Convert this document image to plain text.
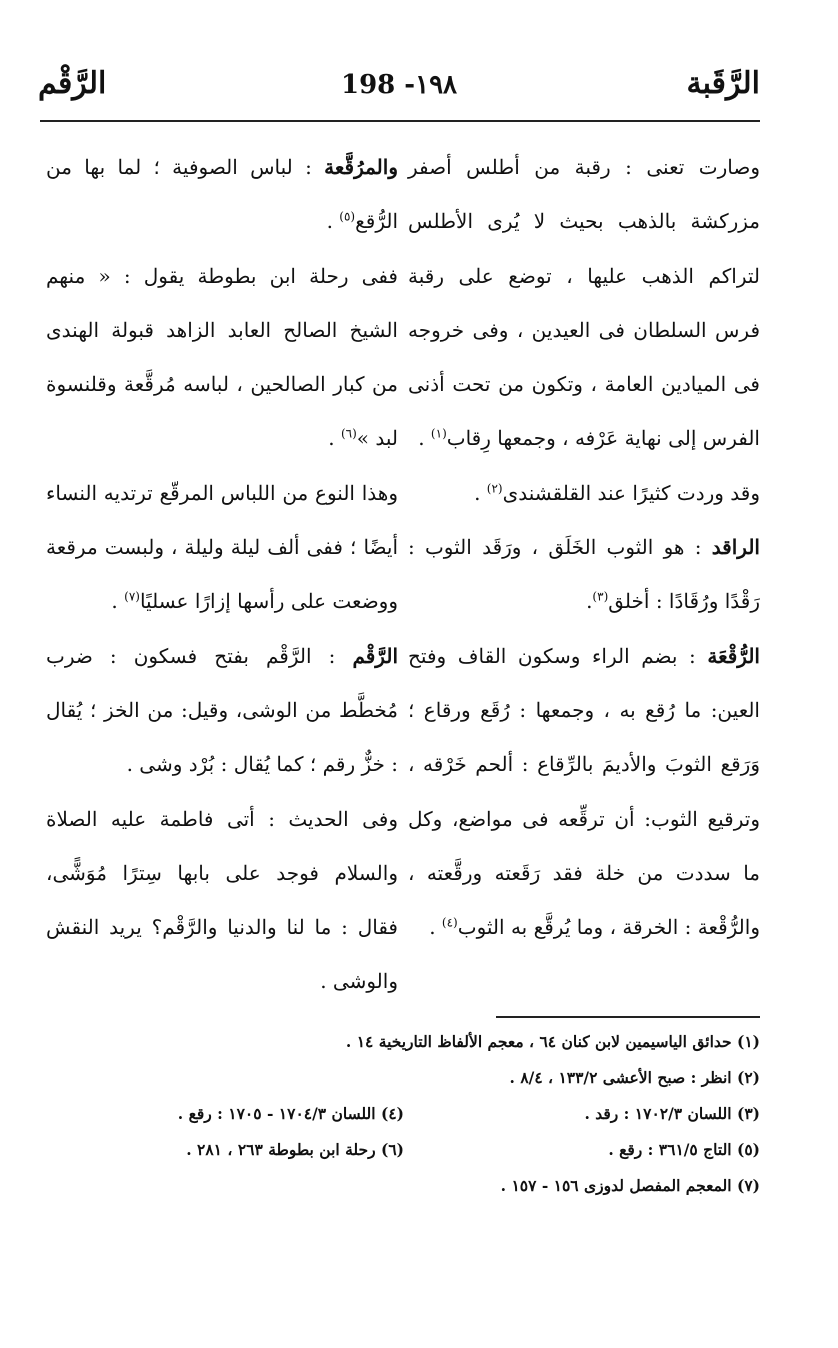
الرَّقَبة
198 -١٩٨
الرَّقْم

وصارت تعنى : رقبة من أطلس أصفر مزركشة بالذهب بحيث لا يُرى الأطلس لتراكم الذهب عليها ، توضع على رقبة فرس السلطان فى العيدين ، وفى خروجه فى الميادين العامة ، وتكون من تحت أذنى الفرس إلى نهاية عَرْفه ، وجمعها رِقاب$^{(١)}$ .

وقد وردت كثيرًا عند القلقشندى$^{(٢)}$ .

الراقد : هو الثوب الخَلَق ، ورَقَد الثوب : رَقْدًا ورُقَادًا : أخلق$^{(٣)}$.

الرُّقْعَة : بضم الراء وسكون القاف وفتح العين: ما رُقع به ، وجمعها : رُقَع ورقاع ؛ وَرَقع الثوبَ والأديمَ بالرِّقاع : ألحم خَرْقه ، وترقيع الثوب: أن ترقِّعه فى مواضع، وكل ما سددت من خلة فقد رَقَعته ورقَّعته ، والرُّقْعة : الخرقة ، وما يُرقَّع به الثوب$^{(٤)}$ .

والمرُقَّعة : لباس الصوفية ؛ لما بها من الرُّقع$^{(٥)}$ .

ففى رحلة ابن بطوطة يقول : « منهم الشيخ الصالح العابد الزاهد قبولة الهندى من كبار الصالحين ، لباسه مُرقَّعة وقلنسوة لبد »$^{(٦)}$ .

وهذا النوع من اللباس المرقّع ترتديه النساء أيضًا ؛ ففى ألف ليلة وليلة ، ولبست مرقعة ووضعت على رأسها إزارًا عسليًا$^{(٧)}$ .

الرَّقْم : الرَّقْم بفتح فسكون : ضرب مُخطَّط من الوشى، وقيل: من الخز ؛ يُقال : خزٌّ رقم ؛ كما يُقال : بُرْد وشى .

وفى الحديث : أتى فاطمة عليه الصلاة والسلام فوجد على بابها سِترًا مُوَشًّى، فقال : ما لنا والدنيا والرَّقْم؟ يريد النقش والوشى .

(١) حدائق الياسيمين لابن كنان ٦٤ ، معجم الألفاظ التاريخية ١٤ .
(٢) انظر : صبح الأعشى ١٣٣/٢ ، ٨/٤ .
(٣) اللسان ١٧٠٢/٣ : رقد .
(٤) اللسان ١٧٠٤/٣ - ١٧٠٥ : رقع .
(٥) التاج ٣٦١/٥ : رقع .
(٦) رحلة ابن بطوطة ٢٦٣ ، ٢٨١ .
(٧) المعجم المفصل لدوزى ١٥٦ - ١٥٧ .
